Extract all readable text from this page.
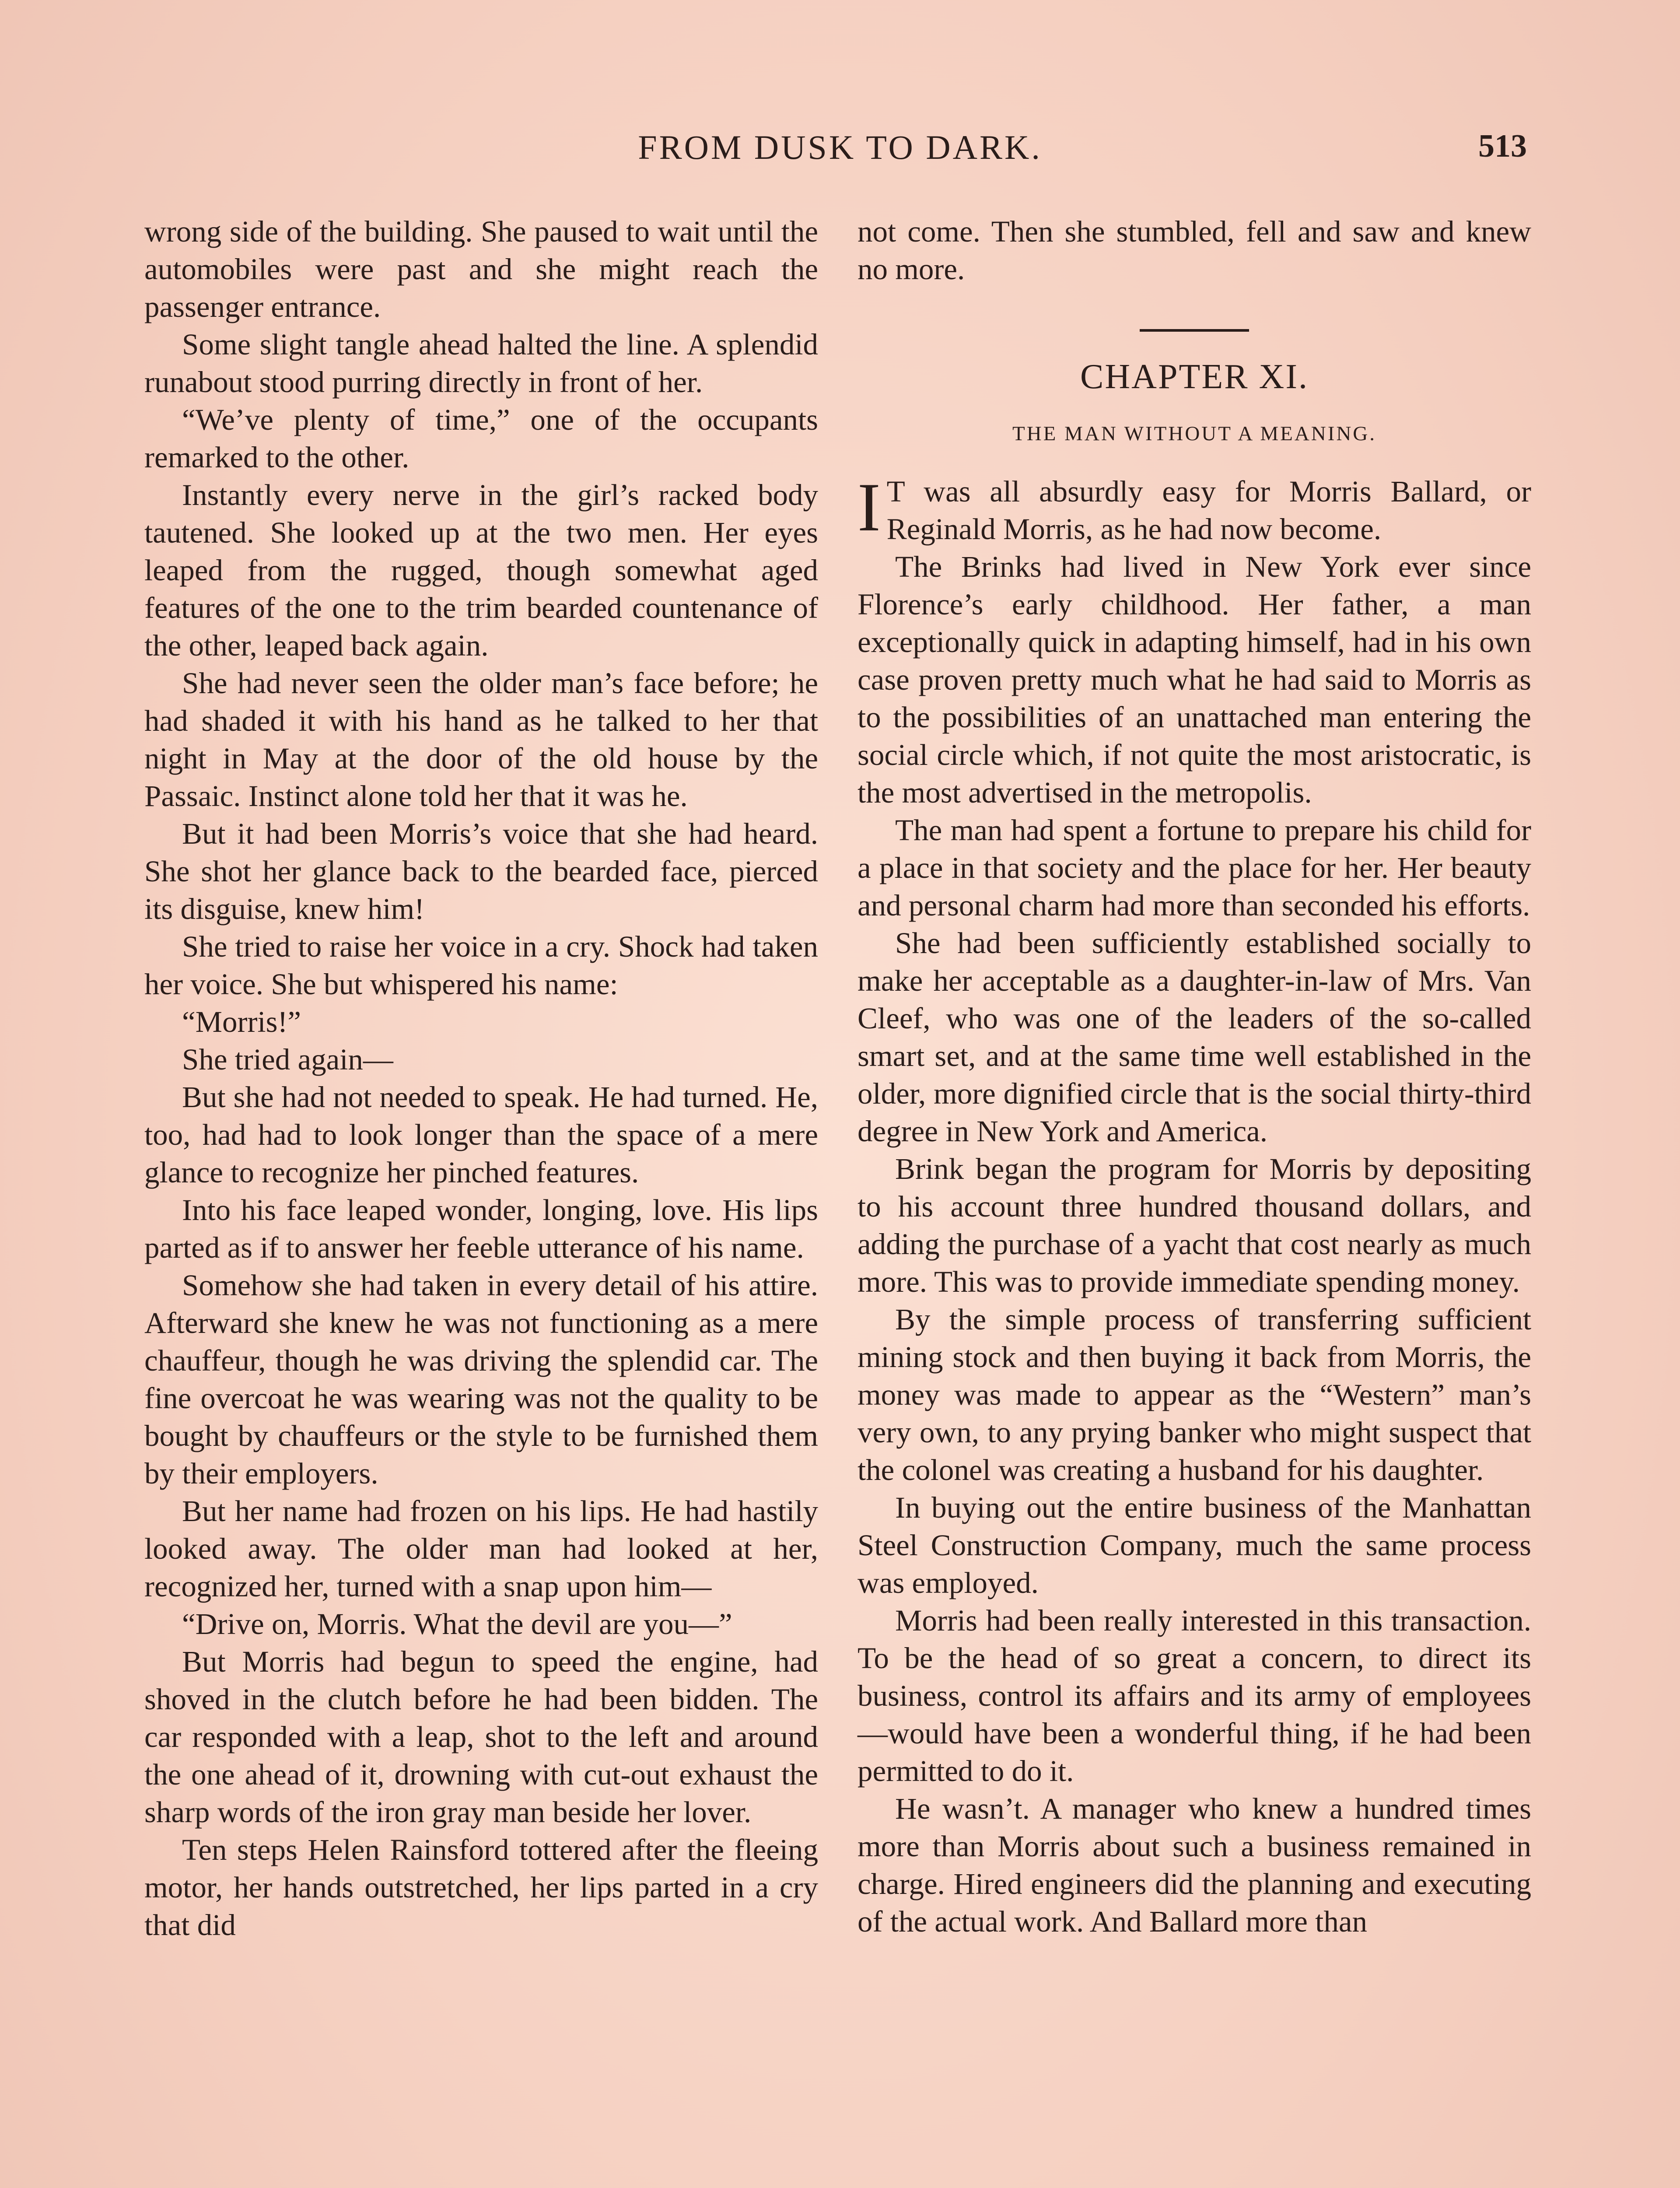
FROM DUSK TO DARK.	513

wrong side of the building. She paused to wait until the automobiles were past and she might reach the passenger entrance.

Some slight tangle ahead halted the line. A splendid runabout stood purring directly in front of her.

“We’ve plenty of time,” one of the occupants remarked to the other.

Instantly every nerve in the girl’s racked body tautened. She looked up at the two men. Her eyes leaped from the rugged, though somewhat aged features of the one to the trim bearded countenance of the other, leaped back again.

She had never seen the older man’s face before; he had shaded it with his hand as he talked to her that night in May at the door of the old house by the Passaic. Instinct alone told her that it was he.

But it had been Morris’s voice that she had heard. She shot her glance back to the bearded face, pierced its disguise, knew him!

She tried to raise her voice in a cry. Shock had taken her voice. She but whispered his name:

“Morris!”

She tried again—

But she had not needed to speak. He had turned. He, too, had had to look longer than the space of a mere glance to recognize her pinched features.

Into his face leaped wonder, longing, love. His lips parted as if to answer her feeble utterance of his name.

Somehow she had taken in every detail of his attire. Afterward she knew he was not functioning as a mere chauffeur, though he was driving the splendid car. The fine overcoat he was wearing was not the quality to be bought by chauffeurs or the style to be furnished them by their employers.

But her name had frozen on his lips. He had hastily looked away. The older man had looked at her, recognized her, turned with a snap upon him—

“Drive on, Morris. What the devil are you—”

But Morris had begun to speed the engine, had shoved in the clutch before he had been bidden. The car responded with a leap, shot to the left and around the one ahead of it, drowning with cut-out exhaust the sharp words of the iron gray man beside her lover.

Ten steps Helen Rainsford tottered after the fleeing motor, her hands outstretched, her lips parted in a cry that did

not come. Then she stumbled, fell and saw and knew no more.

CHAPTER XI.
THE MAN WITHOUT A MEANING.

I T was all absurdly easy for Morris Ballard, or Reginald Morris, as he had now become.

The Brinks had lived in New York ever since Florence’s early childhood. Her father, a man exceptionally quick in adapting himself, had in his own case proven pretty much what he had said to Morris as to the possibilities of an unattached man entering the social circle which, if not quite the most aristocratic, is the most advertised in the metropolis.

The man had spent a fortune to prepare his child for a place in that society and the place for her. Her beauty and personal charm had more than seconded his efforts.

She had been sufficiently established socially to make her acceptable as a daughter-in-law of Mrs. Van Cleef, who was one of the leaders of the so-called smart set, and at the same time well established in the older, more dignified circle that is the social thirty-third degree in New York and America.

Brink began the program for Morris by depositing to his account three hundred thousand dollars, and adding the purchase of a yacht that cost nearly as much more. This was to provide immediate spending money.

By the simple process of transferring sufficient mining stock and then buying it back from Morris, the money was made to appear as the “Western” man’s very own, to any prying banker who might suspect that the colonel was creating a husband for his daughter.

In buying out the entire business of the Manhattan Steel Construction Company, much the same process was employed.

Morris had been really interested in this transaction. To be the head of so great a concern, to direct its business, control its affairs and its army of employees—would have been a wonderful thing, if he had been permitted to do it.

He wasn’t. A manager who knew a hundred times more than Morris about such a business remained in charge. Hired engineers did the planning and executing of the actual work. And Ballard more than
